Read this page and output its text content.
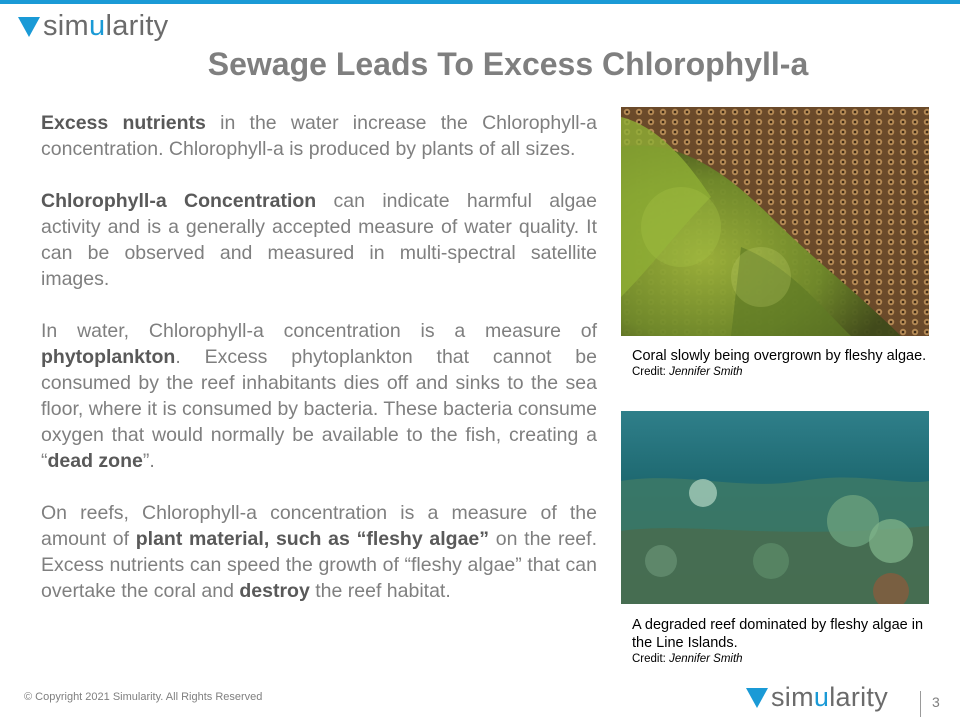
simularity
Sewage Leads To Excess Chlorophyll-a

Excess nutrients in the water increase the Chlorophyll-a concentration. Chlorophyll-a is produced by plants of all sizes.

Chlorophyll-a Concentration can indicate harmful algae activity and is a generally accepted measure of water quality. It can be observed and measured in multi-spectral satellite images.

In water, Chlorophyll-a concentration is a measure of phytoplankton. Excess phytoplankton that cannot be consumed by the reef inhabitants dies off and sinks to the sea floor, where it is consumed by bacteria. These bacteria consume oxygen that would normally be available to the fish, creating a “dead zone”.

On reefs, Chlorophyll-a concentration is a measure of the amount of plant material, such as “fleshy algae” on the reef. Excess nutrients can speed the growth of “fleshy algae” that can overtake the coral and destroy the reef habitat.

Coral slowly being overgrown by fleshy algae.
Credit: Jennifer Smith
A degraded reef dominated by fleshy algae in the Line Islands.
Credit: Jennifer Smith
© Copyright 2021 Simularity. All Rights Reserved	simularity	3
